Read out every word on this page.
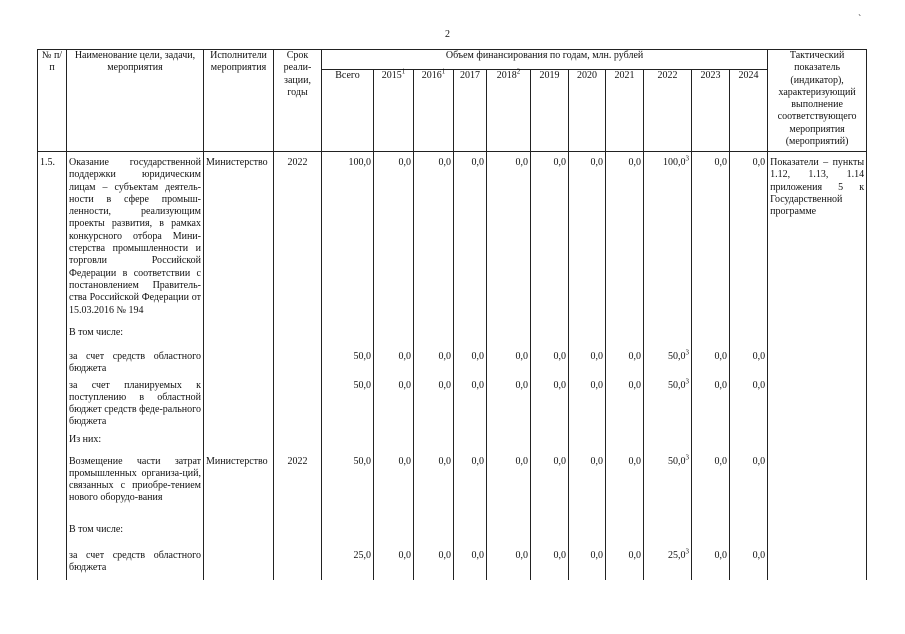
2
`
№ п/п	Наименование цели, задачи, мероприятия	Исполнители мероприятия	Срок реали-зации, годы	Объем финансирования по годам, млн. рублей											Тактический показатель (индикатор), характеризующий выполнение соответствующего мероприятия (мероприятий)
				Всего	2015$^1$	2016$^1$	2017	2018$^2$	2019	2020	2021	2022	2023	2024	
1.5.	Оказание государственной поддержки юридическим лицам – субъектам деятель-ности в сфере промыш-ленности, реализующим проекты развития, в рамках конкурсного отбора Мини-стерства промышленности и торговли Российской Федерации в соответствии с постановлением Правитель-ства Российской Федерации от 15.03.2016 № 194	Министерство	2022	100,0	0,0	0,0	0,0	0,0	0,0	0,0	0,0	100,0$^3$	0,0	0,0	Показатели – пункты 1.12, 1.13, 1.14 приложения 5 к Государственной программе
	В том числе:														
	за счет средств областного бюджета			50,0	0,0	0,0	0,0	0,0	0,0	0,0	0,0	50,0$^3$	0,0	0,0	
	за счет планируемых к поступлению в областной бюджет средств феде-рального бюджета			50,0	0,0	0,0	0,0	0,0	0,0	0,0	0,0	50,0$^3$	0,0	0,0	
	Из них:														
	Возмещение части затрат промышленных организа-ций, связанных с приобре-тением нового оборудо-вания	Министерство	2022	50,0	0,0	0,0	0,0	0,0	0,0	0,0	0,0	50,0$^3$	0,0	0,0	
	В том числе:														
	за счет средств областного бюджета			25,0	0,0	0,0	0,0	0,0	0,0	0,0	0,0	25,0$^3$	0,0	0,0	
